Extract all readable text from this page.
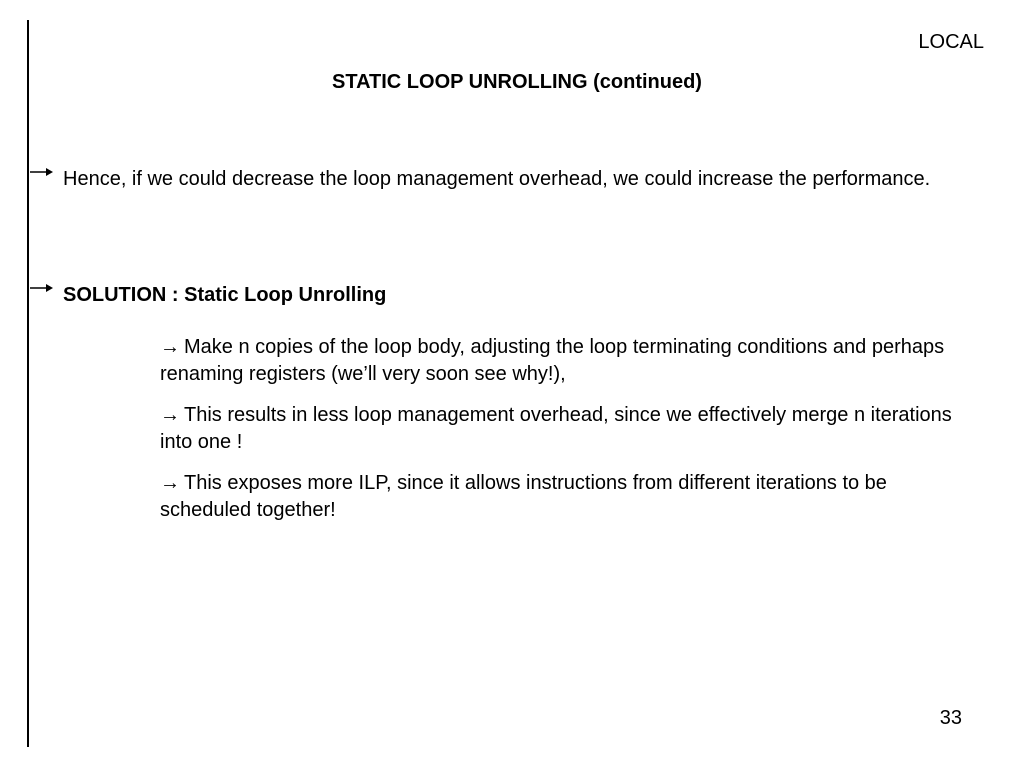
LOCAL
STATIC LOOP UNROLLING (continued)
Hence, if we could decrease the loop management overhead, we could increase the performance.
SOLUTION : Static Loop Unrolling
→ Make n copies of the loop body, adjusting the loop terminating conditions and perhaps renaming registers (we’ll very soon see why!),
→ This results in less loop management overhead, since we effectively merge n iterations into one !
→ This exposes more ILP, since it allows instructions from different iterations to be scheduled together!
33
